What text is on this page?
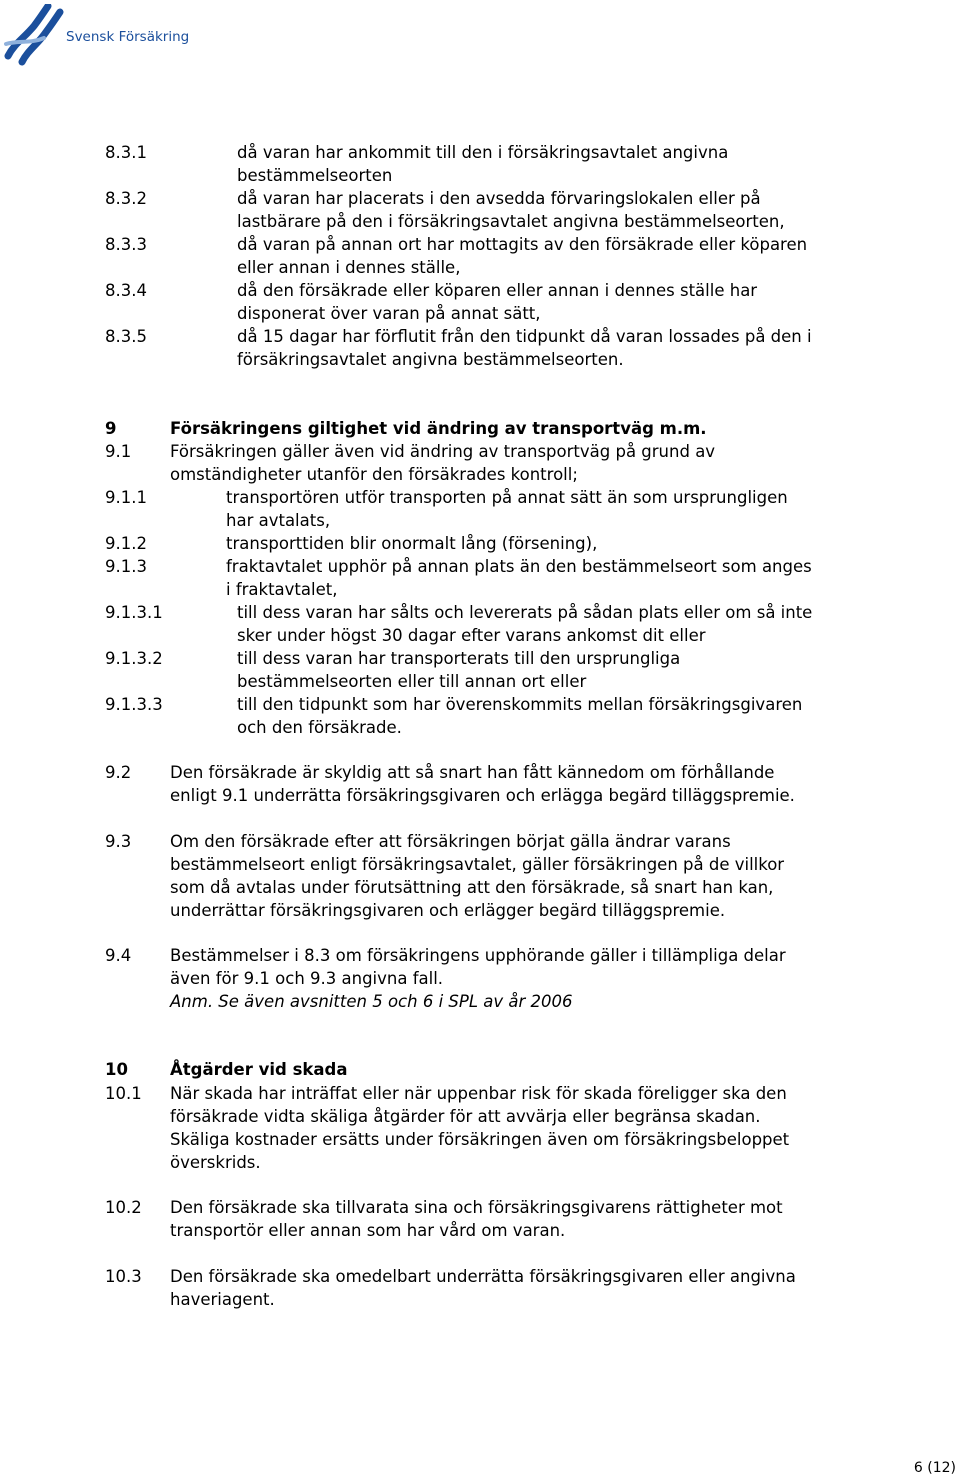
Svensk Försäkring
8.3.1	då varan har ankommit till den i försäkringsavtalet angivna
bestämmelseorten
8.3.2	då varan har placerats i den avsedda förvaringslokalen eller på
lastbärare på den i försäkringsavtalet angivna bestämmelseorten,
8.3.3	då varan på annan ort har mottagits av den försäkrade eller köparen
eller annan i dennes ställe,
8.3.4	då den försäkrade eller köparen eller annan i dennes ställe har
disponerat över varan på annat sätt,
8.3.5	då 15 dagar har förflutit från den tidpunkt då varan lossades på den i
försäkringsavtalet angivna bestämmelseorten.
9	Försäkringens giltighet vid ändring av transportväg m.m.
9.1 Försäkringen gäller även vid ändring av transportväg på grund av
omständigheter utanför den försäkrades kontroll;
9.1.1	transportören utför transporten på annat sätt än som ursprungligen
har avtalats,
9.1.2	transporttiden blir onormalt lång (försening),
9.1.3	fraktavtalet upphör på annan plats än den bestämmelseort som anges
i fraktavtalet,
9.1.3.1	till dess varan har sålts och levererats på sådan plats eller om så inte
sker under högst 30 dagar efter varans ankomst dit eller
9.1.3.2	till dess varan har transporterats till den ursprungliga
bestämmelseorten eller till annan ort eller
9.1.3.3	till den tidpunkt som har överenskommits mellan försäkringsgivaren
och den försäkrade.
9.2 Den försäkrade är skyldig att så snart han fått kännedom om förhållande
enligt 9.1 underrätta försäkringsgivaren och erlägga begärd tilläggspremie.
9.3 Om den försäkrade efter att försäkringen börjat gälla ändrar varans
bestämmelseort enligt försäkringsavtalet, gäller försäkringen på de villkor
som då avtalas under förutsättning att den försäkrade, så snart han kan,
underrättar försäkringsgivaren och erlägger begärd tilläggspremie.
9.4 Bestämmelser i 8.3 om försäkringens upphörande gäller i tillämpliga delar
även för 9.1 och 9.3 angivna fall.
Anm. Se även avsnitten 5 och 6 i SPL av år 2006
10	Åtgärder vid skada
10.1 När skada har inträffat eller när uppenbar risk för skada föreligger ska den
försäkrade vidta skäliga åtgärder för att avvärja eller begränsa skadan.
Skäliga kostnader ersätts under försäkringen även om försäkringsbeloppet
överskrids.
10.2 Den försäkrade ska tillvarata sina och försäkringsgivarens rättigheter mot
transportör eller annan som har vård om varan.
10.3 Den försäkrade ska omedelbart underrätta försäkringsgivaren eller angivna
haveriagent.
6 (12)
